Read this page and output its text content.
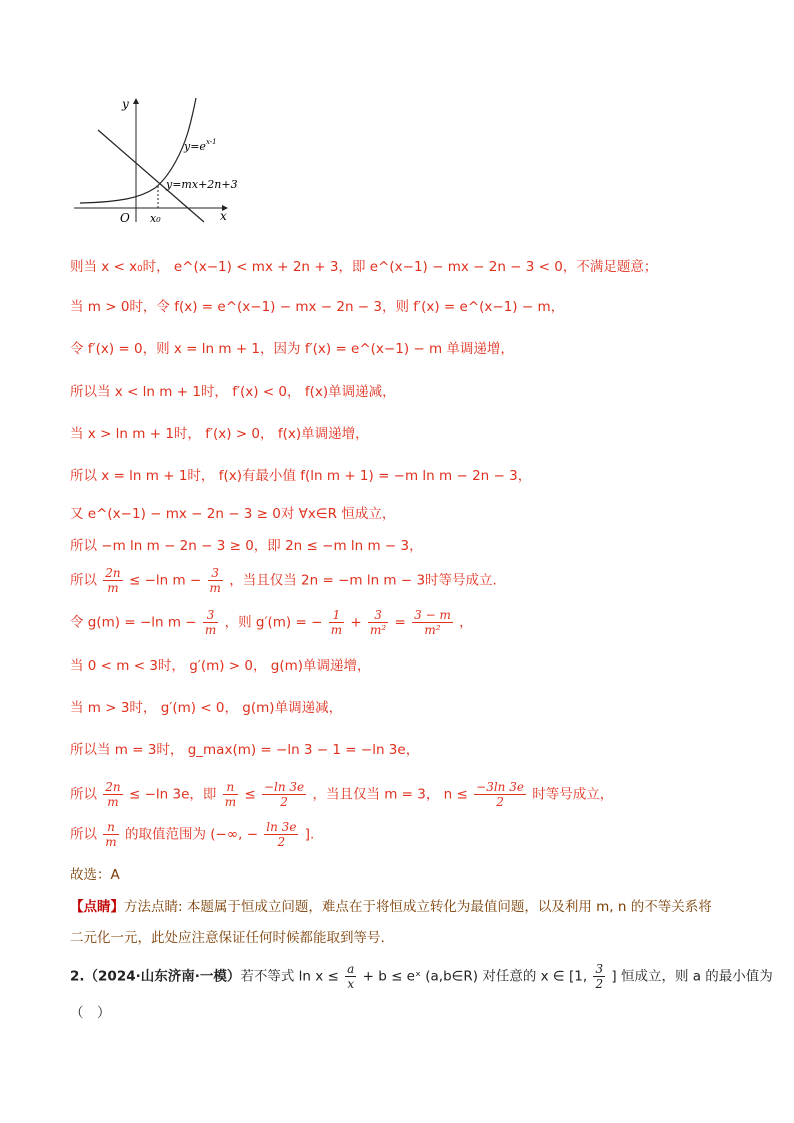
y
x
O x₀
$y=e^{x-1}$
y=mx+2n+3
则当 x < x₀时， e^(x−1) < mx + 2n + 3，即 e^(x−1) − mx − 2n − 3 < 0，不满足题意；
当 m > 0时，令 f(x) = e^(x−1) − mx − 2n − 3，则 f′(x) = e^(x−1) − m，
令 f′(x) = 0，则 x = ln m + 1，因为 f′(x) = e^(x−1) − m 单调递增，
所以当 x < ln m + 1时， f′(x) < 0， f(x)单调递减，
当 x > ln m + 1时， f′(x) > 0， f(x)单调递增，
所以 x = ln m + 1时， f(x)有最小值 f(ln m + 1) = −m ln m − 2n − 3，
又 e^(x−1) − mx − 2n − 3 ≥ 0对 ∀x∈R 恒成立，
所以 −m ln m − 2n − 3 ≥ 0，即 2n ≤ −m ln m − 3，
所以 $\frac{2n}{m} \le -\ln$ $m - \frac{3}{m}$ ，当且仅当 2n = −m ln m − 3时等号成立.
令 g(m) = −ln $m - \frac{3}{m}$ ，则 g′(m) = − $\frac{1}{m} + \frac{3}{\text{m²}} = \frac{3 - m}{\text{m²}}$ ，
当 0 < m < 3时， g′(m) > 0， g(m)单调递增，
当 m > 3时， g′(m) < 0， g(m)单调递减，
所以当 m = 3时， g_max(m) = −ln 3 − 1 = −ln 3e，
所以 $\frac{2n}{m} \le -\ln$ 3e，即 $\frac{n}{m} \le \frac{-\ln 3e}{2}$ ，当且仅当 m = 3， $n \le \frac{-3\ln 3e}{2}$ 时等号成立，
所以 $\frac{n}{m}$ 的取值范围为 (−∞, − $\frac{\ln 3e}{2}$ ].
故选：A
【点睛】方法点睛: 本题属于恒成立问题，难点在于将恒成立转化为最值问题，以及利用 m, n 的不等关系将
二元化一元，此处应注意保证任何时候都能取到等号.
2.（2024·山东济南·一模）若不等式 $\ln x \le \frac{a}{x} + b$ ≤ eˣ (a,b∈R) 对任意的 x ∈ [1, $\frac{3}{2}$ ] 恒成立，则 a 的最小值为
（　）
